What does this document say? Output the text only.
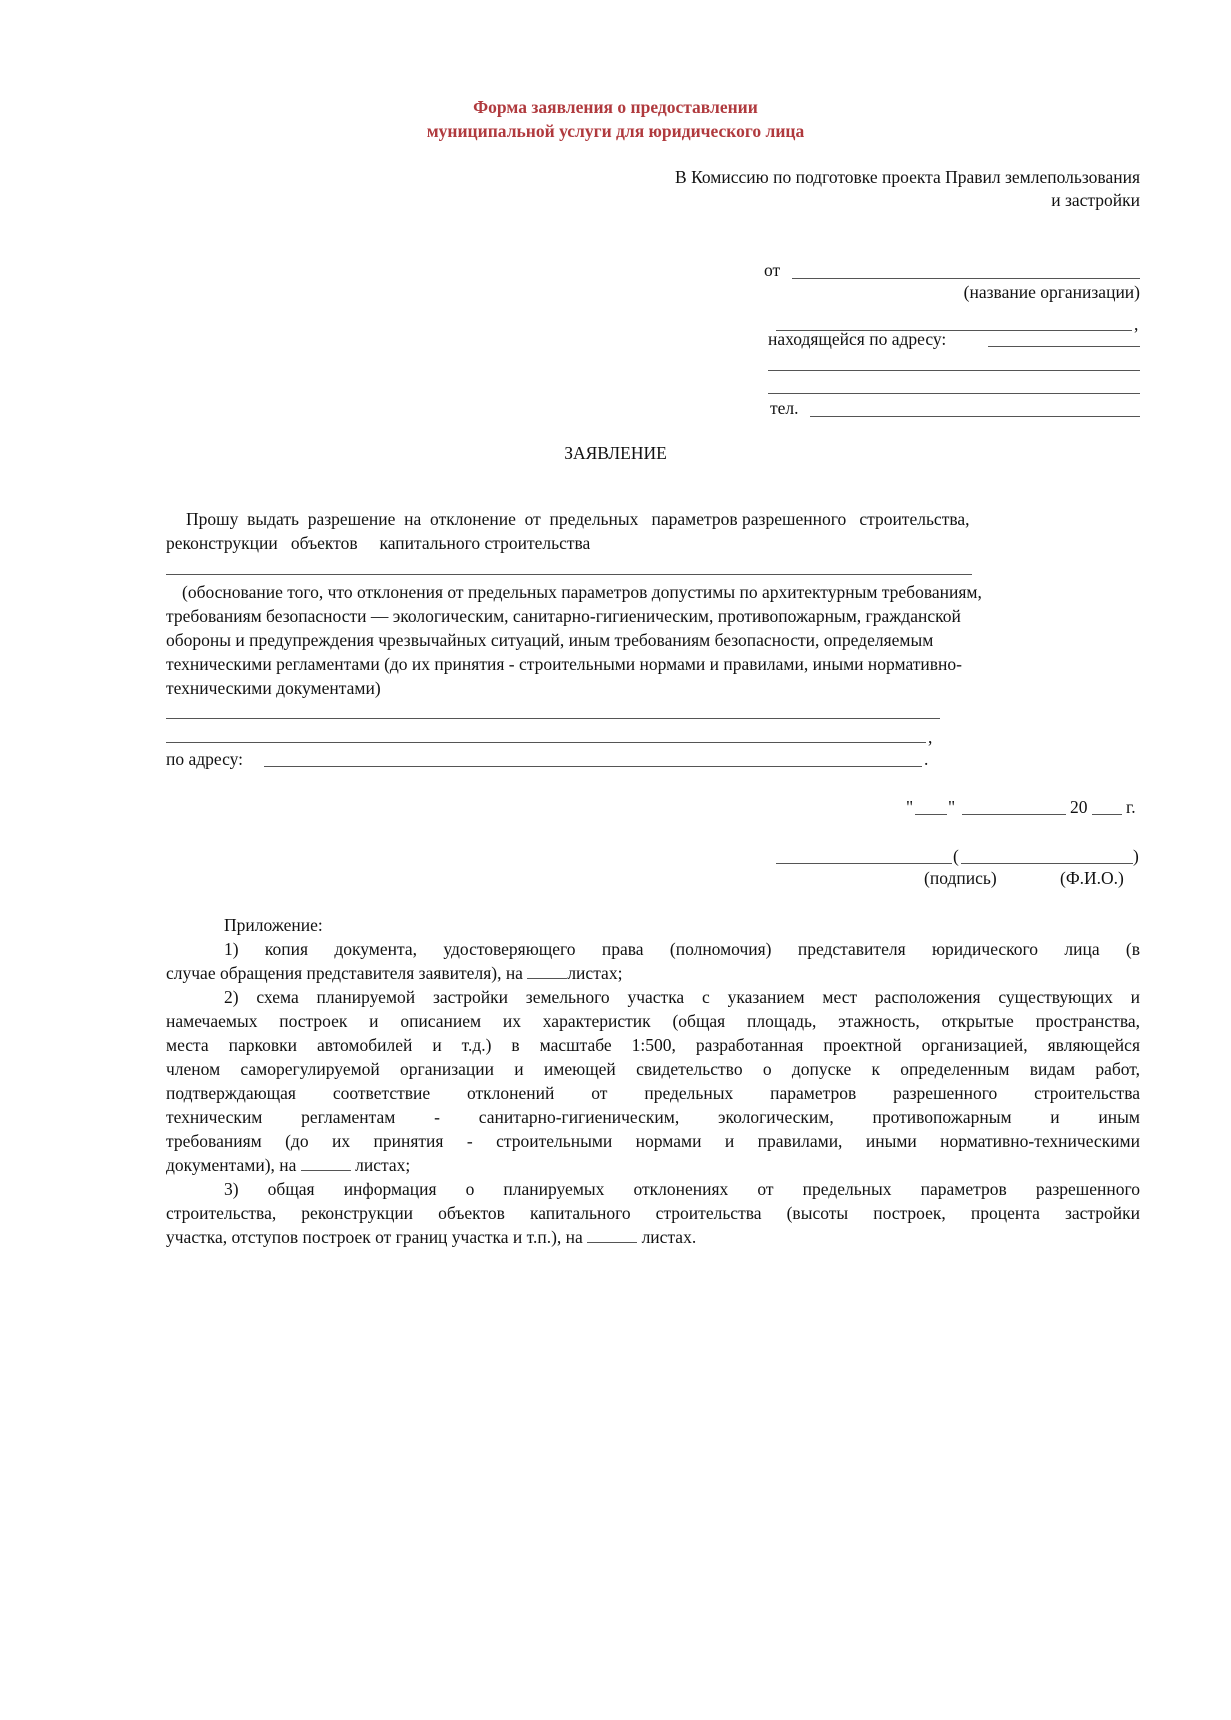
Форма заявления о предоставлении
муниципальной услуги для юридического лица
В Комиссию по подготовке проекта Правил землепользования
и застройки
от
(название организации)
,
находящейся по адресу:
тел.
ЗАЯВЛЕНИЕ
Прошу  выдать  разрешение  на  отклонение  от  предельных   параметров разрешенного   строительства,
реконструкции   объектов     капитального строительства
(обоснование того, что отклонения от предельных параметров допустимы по архитектурным требованиям,
требованиям безопасности — экологическим, санитарно-гигиеническим, противопожарным, гражданской
обороны и предупреждения чрезвычайных ситуаций, иным требованиям безопасности, определяемым
техническими регламентами (до их принятия - строительными нормами и правилами, иными нормативно-
техническими документами)
,
по адресу:	.
" "	20 г.
(	)
(подпись)	(Ф.И.О.)
Приложение:
1) копия документа, удостоверяющего права (полномочия) представителя юридического лица (в
случае обращения представителя заявителя), на	листах;
2) схема планируемой застройки земельного участка с указанием мест расположения существующих и
намечаемых построек и описанием их характеристик (общая площадь, этажность, открытые пространства,
места парковки автомобилей и т.д.) в масштабе 1:500, разработанная проектной организацией, являющейся
членом саморегулируемой организации и имеющей свидетельство о допуске к определенным видам работ,
подтверждающая соответствие отклонений от предельных параметров разрешенного строительства
техническим регламентам - санитарно-гигиеническим, экологическим, противопожарным и иным
требованиям (до их принятия - строительными нормами и правилами, иными нормативно-техническими
документами), на	листах;
3) общая информация о планируемых отклонениях от предельных параметров разрешенного
строительства, реконструкции объектов капитального строительства (высоты построек, процента застройки
участка, отступов построек от границ участка и т.п.), на	листах.
